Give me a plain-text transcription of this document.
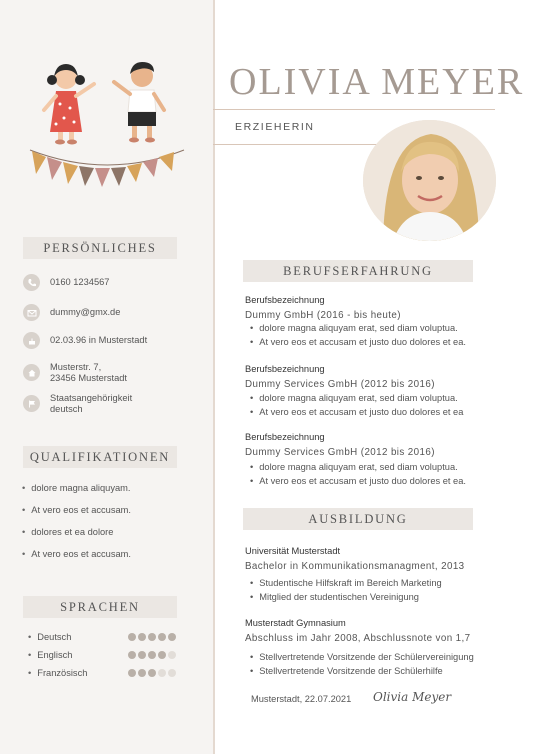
PERSÖNLICHES
0160 1234567
dummy@gmx.de
02.03.96 in Musterstadt
Musterstr. 7,
23456 Musterstadt
Staatsangehörigkeit
deutsch
QUALIFIKATIONEN
• dolore magna aliquyam.
• At vero eos et accusam.
• dolores et ea dolore
• At vero eos et accusam.
SPRACHEN
• Deutsch
• Englisch
• Französisch
OLIVIA MEYER
ERZIEHERIN
BERUFSERFAHRUNG
Berufsbezeichnung
Dummy GmbH (2016 - bis heute)
• dolore magna aliquyam erat, sed diam voluptua.
• At vero eos et accusam et justo duo dolores et ea.
Berufsbezeichnung
Dummy Services GmbH (2012 bis 2016)
• dolore magna aliquyam erat, sed diam voluptua.
• At vero eos et accusam et justo duo dolores et ea
Berufsbezeichnung
Dummy Services GmbH (2012 bis 2016)
• dolore magna aliquyam erat, sed diam voluptua.
• At vero eos et accusam et justo duo dolores et ea.
AUSBILDUNG
Universität Musterstadt
Bachelor in Kommunikationsmanagment, 2013
• Studentische Hilfskraft im Bereich Marketing
• Mitglied der studentischen Vereinigung
Musterstadt Gymnasium
Abschluss im Jahr 2008, Abschlussnote von 1,7
• Stellvertretende Vorsitzende der Schülervereinigung
• Stellvertretende Vorsitzende der Schülerhilfe
Musterstadt, 22.07.2021 Olivia Meyer
